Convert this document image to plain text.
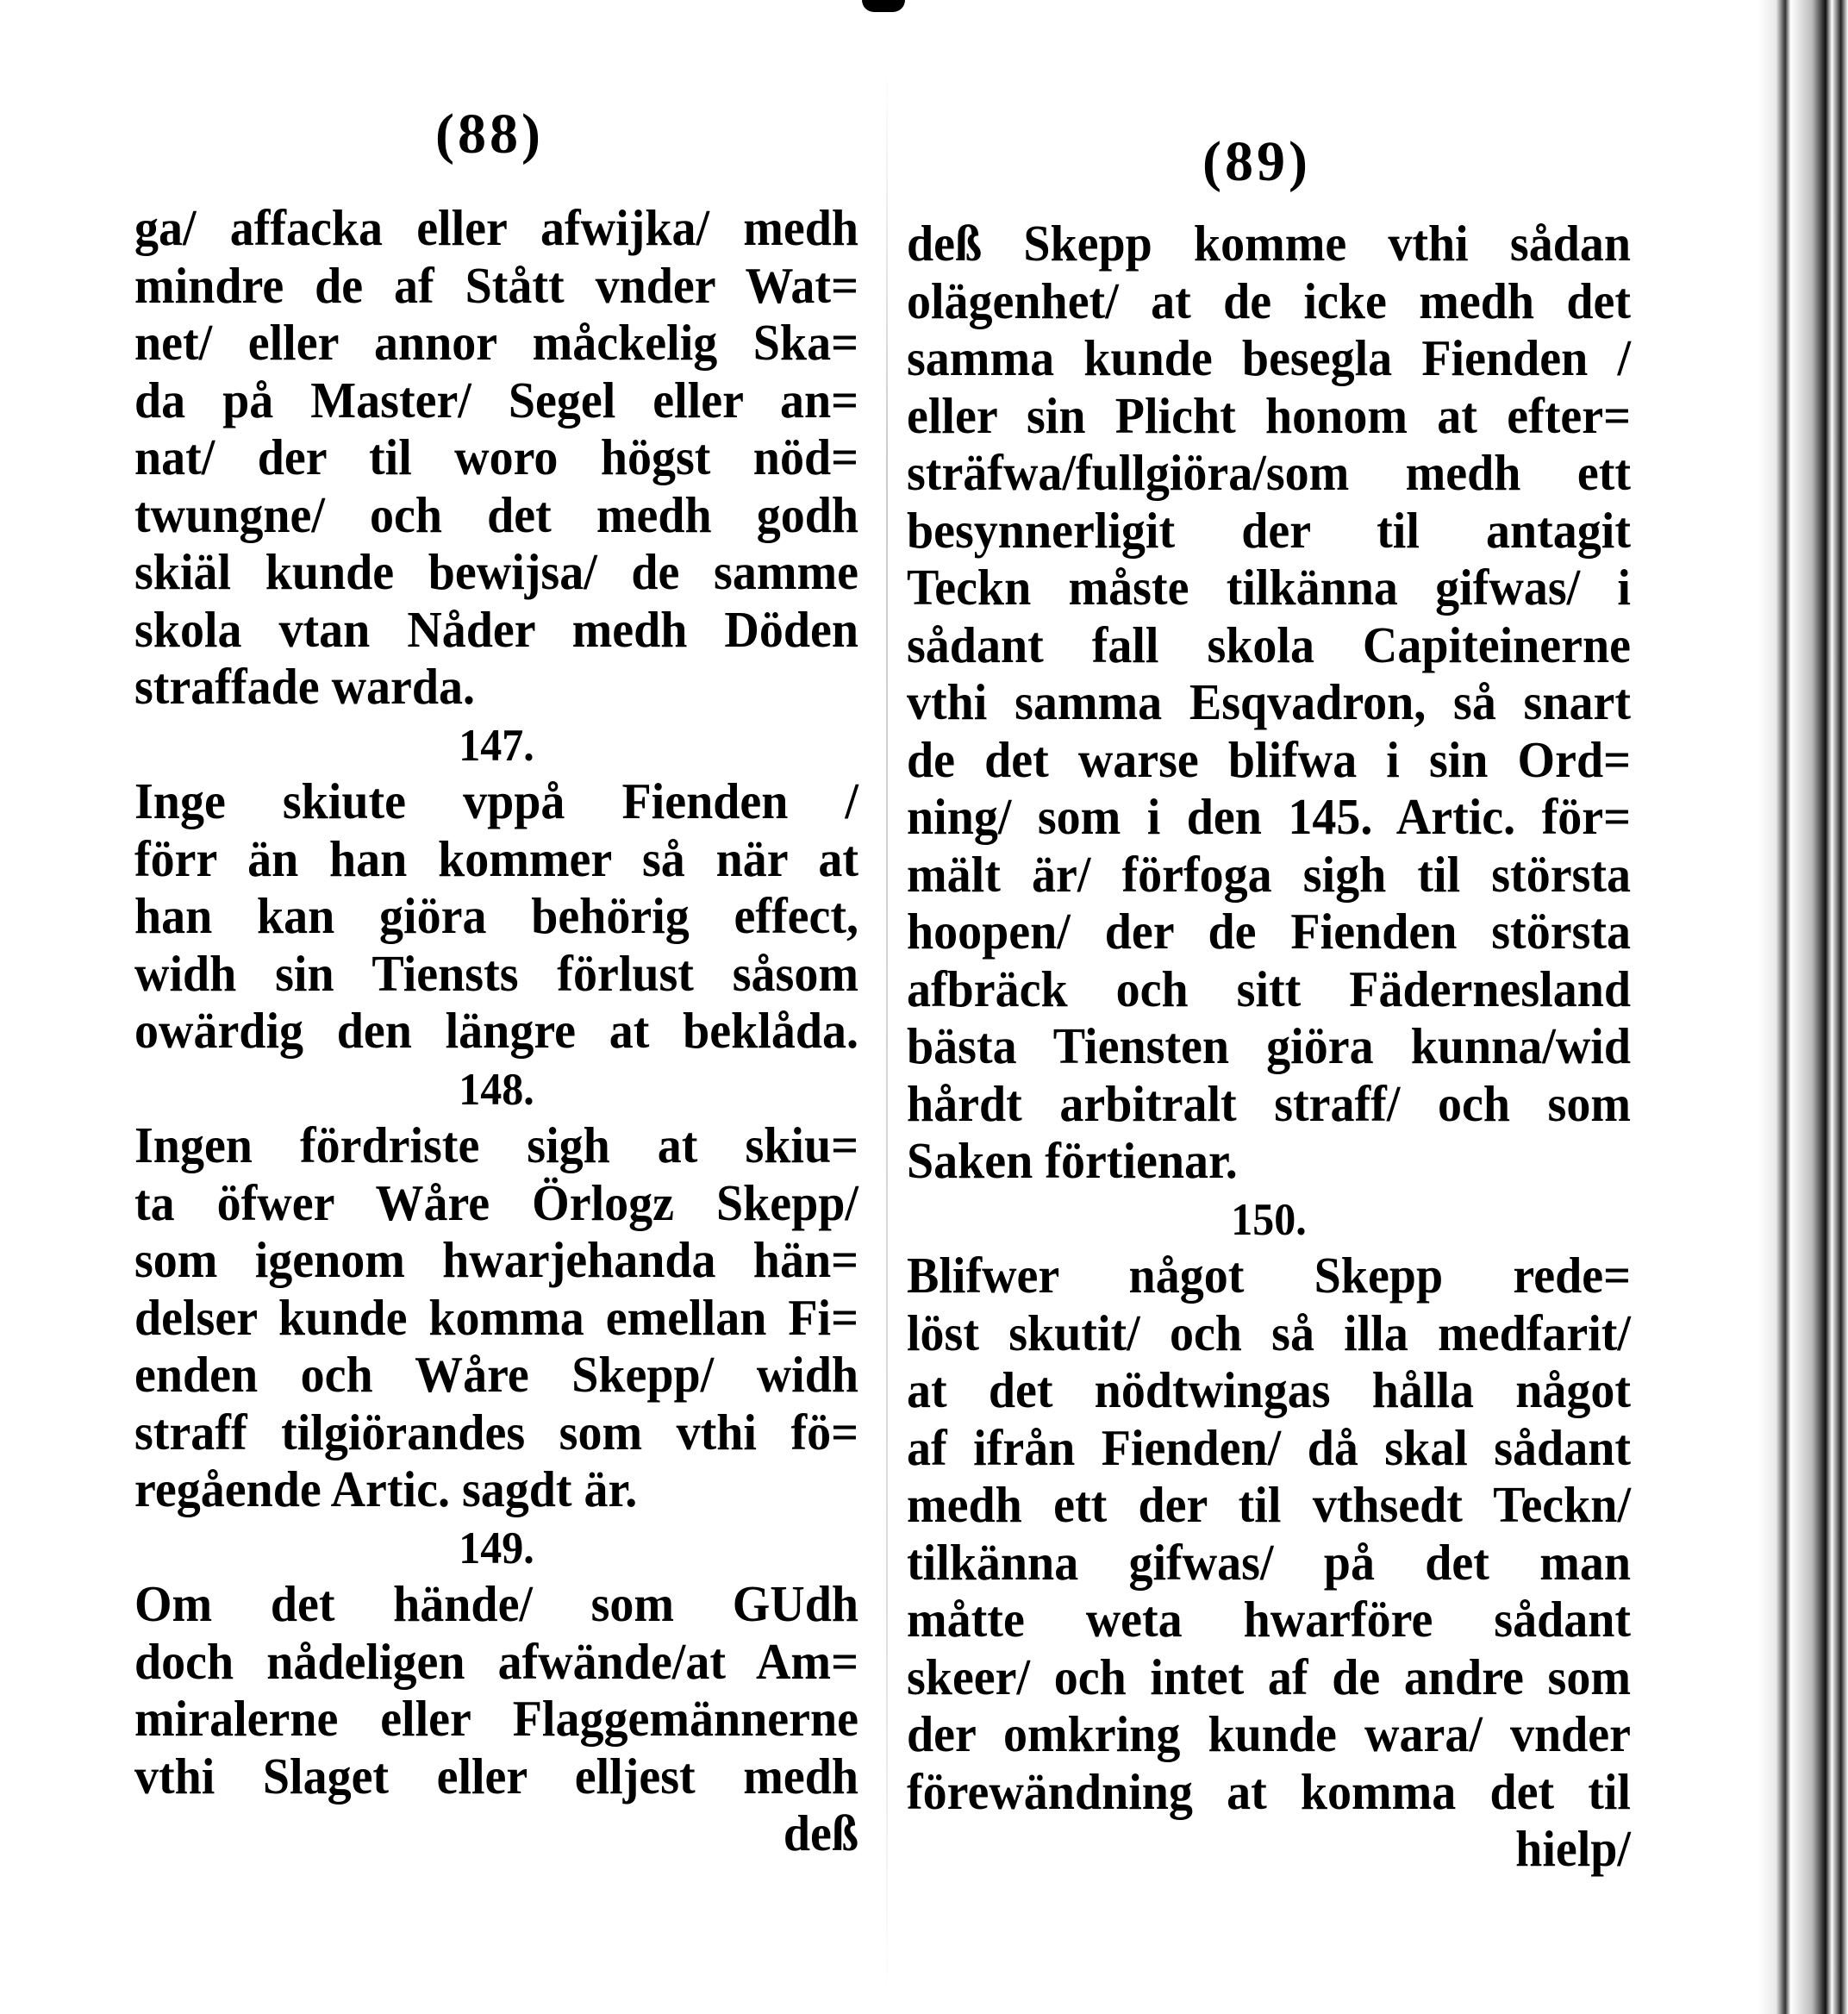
(88)	(89)
ga/ affacka eller afwijka/ medh
mindre de af Stått vnder Wat=
net/ eller annor måckelig Ska=
da på Master/ Segel eller an=
nat/ der til woro högst nöd=
twungne/ och det medh godh
skiäl kunde bewijsa/ de samme
skola vtan Nåder medh Döden
straffade warda.
147.
Inge skiute vppå Fienden /
förr än han kommer så när at
han kan giöra behörig effect,
widh sin Tiensts förlust såsom
owärdig den längre at beklåda.
148.
Ingen fördriste sigh at skiu=
ta öfwer Wåre Örlogz Skepp/
som igenom hwarjehanda hän=
delser kunde komma emellan Fi=
enden och Wåre Skepp/ widh
straff tilgiörandes som vthi fö=
regående Artic. sagdt är.
149.
Om det hände/ som GUdh
doch nådeligen afwände/at Am=
miralerne eller Flaggemännerne
vthi Slaget eller elljest medh
deß
deß Skepp komme vthi sådan
olägenhet/ at de icke medh det
samma kunde besegla Fienden /
eller sin Plicht honom at efter=
sträfwa/fullgiöra/som medh ett
besynnerligit der til antagit
Teckn måste tilkänna gifwas/ i
sådant fall skola Capiteinerne
vthi samma Esqvadron, så snart
de det warse blifwa i sin Ord=
ning/ som i den 145. Artic. för=
mält är/ förfoga sigh til största
hoopen/ der de Fienden största
afbräck och sitt Fädernesland
bästa Tiensten giöra kunna/wid
hårdt arbitralt straff/ och som
Saken förtienar.
150.
Blifwer något Skepp rede=
löst skutit/ och så illa medfarit/
at det nödtwingas hålla något
af ifrån Fienden/ då skal sådant
medh ett der til vthsedt Teckn/
tilkänna gifwas/ på det man
måtte weta hwarföre sådant
skeer/ och intet af de andre som
der omkring kunde wara/ vnder
förewändning at komma det til
hielp/
